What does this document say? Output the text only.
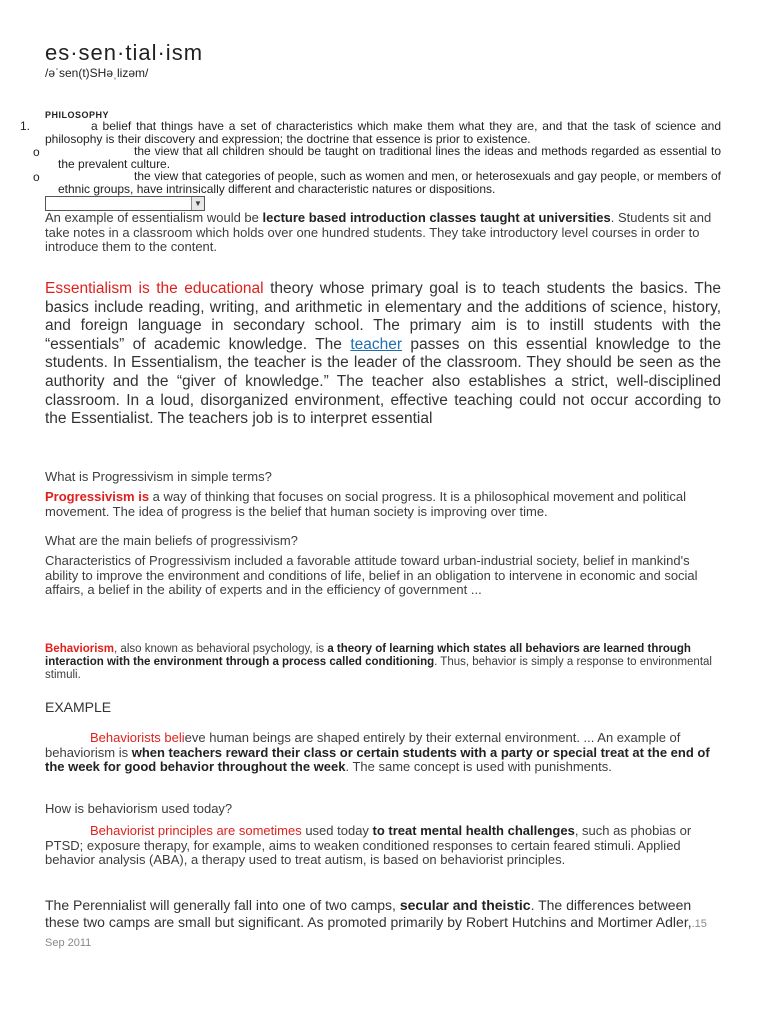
es·sen·tial·ism
/əˈsen(t)SHəˌlizəm/
PHILOSOPHY
1.	a belief that things have a set of characteristics which make them what they are, and that the task of science and philosophy is their discovery and expression; the doctrine that essence is prior to existence.
o	the view that all children should be taught on traditional lines the ideas and methods regarded as essential to the prevalent culture.
o	the view that categories of people, such as women and men, or heterosexuals and gay people, or members of ethnic groups, have intrinsically different and characteristic natures or dispositions.
▼
An example of essentialism would be lecture based introduction classes taught at universities. Students sit and take notes in a classroom which holds over one hundred students. They take introductory level courses in order to introduce them to the content.
Essentialism is the educational theory whose primary goal is to teach students the basics. The basics include reading, writing, and arithmetic in elementary and the additions of science, history, and foreign language in secondary school. The primary aim is to instill students with the “essentials” of academic knowledge. The teacher passes on this essential knowledge to the students. In Essentialism, the teacher is the leader of the classroom. They should be seen as the authority and the “giver of knowledge.” The teacher also establishes a strict, well-disciplined classroom. In a loud, disorganized environment, effective teaching could not occur according to the Essentialist. The teachers job is to interpret essential
What is Progressivism in simple terms?
Progressivism is a way of thinking that focuses on social progress. It is a philosophical movement and political movement. The idea of progress is the belief that human society is improving over time.
What are the main beliefs of progressivism?
Characteristics of Progressivism included a favorable attitude toward urban-industrial society, belief in mankind's ability to improve the environment and conditions of life, belief in an obligation to intervene in economic and social affairs, a belief in the ability of experts and in the efficiency of government ...
Behaviorism, also known as behavioral psychology, is a theory of learning which states all behaviors are learned through interaction with the environment through a process called conditioning. Thus, behavior is simply a response to environmental stimuli.
EXAMPLE
Behaviorists believe human beings are shaped entirely by their external environment. ... An example of behaviorism is when teachers reward their class or certain students with a party or special treat at the end of the week for good behavior throughout the week. The same concept is used with punishments.
How is behaviorism used today?
Behaviorist principles are sometimes used today to treat mental health challenges, such as phobias or PTSD; exposure therapy, for example, aims to weaken conditioned responses to certain feared stimuli. Applied behavior analysis (ABA), a therapy used to treat autism, is based on behaviorist principles.
The Perennialist will generally fall into one of two camps, secular and theistic. The differences between these two camps are small but significant. As promoted primarily by Robert Hutchins and Mortimer Adler,.15 Sep 2011
